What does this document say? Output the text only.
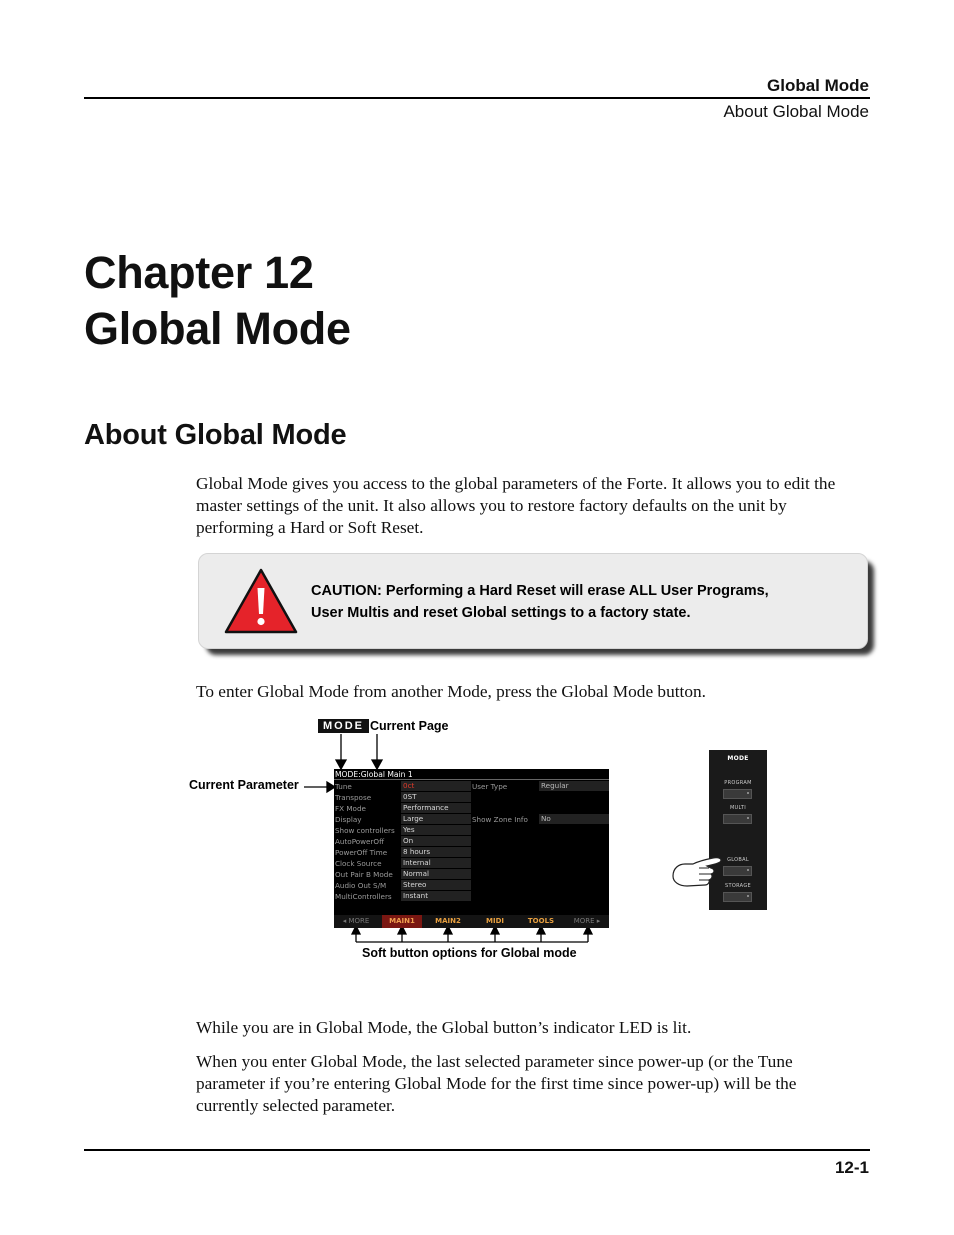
Global Mode
About Global Mode
Chapter 12
Global Mode
About Global Mode

Global Mode gives you access to the global parameters of the Forte. It allows you to edit the master settings of the unit. It also allows you to restore factory defaults on the unit by performing a Hard or Soft Reset.

CAUTION: Performing a Hard Reset will erase ALL User Programs,
User Multis and reset Global settings to a factory state.

To enter Global Mode from another Mode, press the Global Mode button.

MODE Current Page
Current Parameter
Soft button options for Global mode
MODE:Global Main 1
Tune	0ct	User Type	Regular
Transpose	0ST
FX Mode	Performance
Display	Large	Show Zone Info No
Show controllers Yes
AutoPowerOff	On
PowerOff Time 8 hours
Clock Source	Internal
Out Pair B Mode Normal
Audio Out S/M Stereo
MultiControllers Instant
◂ MORE	MAIN1	MAIN2	MIDI	TOOLS	MORE ▸
MODE
PROGRAM
MULTI
GLOBAL
STORAGE

While you are in Global Mode, the Global button’s indicator LED is lit.

When you enter Global Mode, the last selected parameter since power-up (or the Tune parameter if you’re entering Global Mode for the first time since power-up) will be the currently selected parameter.

12-1
